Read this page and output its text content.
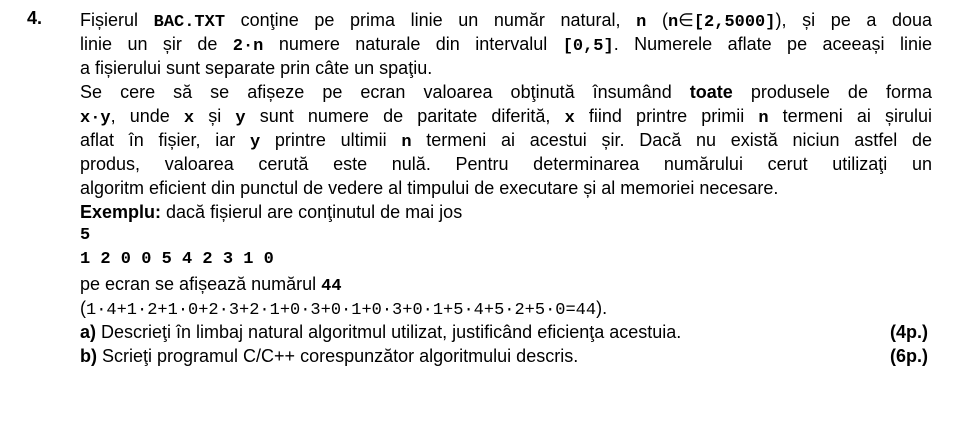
4. Fișierul BAC.TXT conţine pe prima linie un număr natural, n (n∈[2,5000]), și pe a doua
linie un șir de 2·n numere naturale din intervalul [0,5]. Numerele aflate pe aceeași linie
a fișierului sunt separate prin câte un spaţiu.
Se cere să se afișeze pe ecran valoarea obţinută însumând toate produsele de forma
x·y, unde x și y sunt numere de paritate diferită, x fiind printre primii n termeni ai șirului
aflat în fișier, iar y printre ultimii n termeni ai acestui șir. Dacă nu există niciun astfel de
produs, valoarea cerută este nulă. Pentru determinarea numărului cerut utilizaţi un
algoritm eficient din punctul de vedere al timpului de executare și al memoriei necesare.
Exemplu: dacă fișierul are conţinutul de mai jos
5
1 2 0 0 5 4 2 3 1 0
pe ecran se afișează numărul 44
(1·4+1·2+1·0+2·3+2·1+0·3+0·1+0·3+0·1+5·4+5·2+5·0=44).
a) Descrieţi în limbaj natural algoritmul utilizat, justificând eficienţa acestuia.	(4p.)
b) Scrieţi programul C/C++ corespunzător algoritmului descris.	(6p.)
